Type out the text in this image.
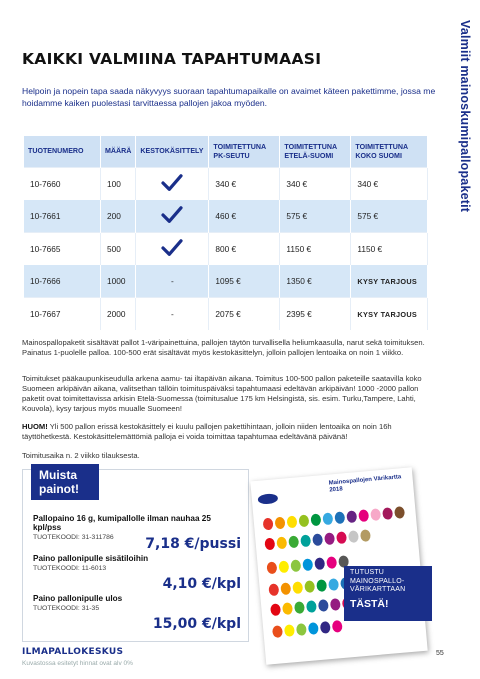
Valmiit mainoskumipallopaketit
KAIKKI VALMIINA TAPAHTUMAASI

Helpoin ja nopein tapa saada näkyvyys suoraan tapahtumapaikalle on avaimet käteen pakettimme, jossa me hoidamme kaiken puolestasi tarvittaessa pallojen jakoa myöden.

TUOTENUMERO	MÄÄRÄ	KESTOKÄSITTELY	TOIMITETTUNA PK-SEUTU	TOIMITETTUNA ETELÄ-SUOMI	TOIMITETTUNA KOKO SUOMI
10-7660	100		340 €	340 €	340 €
10-7661	200		460 €	575 €	575 €
10-7665	500		800 €	1150 €	1150 €
10-7666	1000	-	1095 €	1350 €	KYSY TARJOUS
10-7667	2000	-	2075 €	2395 €	KYSY TARJOUS

Mainospallopaketit sisältävät pallot 1-väripainettuina, pallojen täytön turvallisella heliumkaasulla, narut sekä toimituksen. Painatus 1-puolelle palloa. 100-500 erät sisältävät myös kestokäsittelyn, jolloin pallojen lentoaika on noin 1 viikko.

Toimitukset pääkaupunkiseudulla arkena aamu- tai iltapäivän aikana. Toimitus 100-500 pallon paketeille saatavilla koko Suomeen arkipäivän aikana, valitsethan tällöin toimituspäiväksi tapahtumaasi edeltävän arkipäivän! 1000 -2000 pallon paketit ovat toimitettavissa arkisin Etelä-Suomessa (toimitusalue 175 km Helsingistä, sis. esim. Turku,Tampere, Lahti, Kouvola), kysy tarjous myös muualle Suomeen!

HUOM! Yli 500 pallon erissä kestokäsittely ei kuulu pallojen pakettihintaan, jolloin niiden lentoaika on noin 16h täyttöhetkestä. Kestokäsittelemättömiä palloja ei voida toimittaa tapahtumaa edeltävänä päivänä!

Toimitusaika n. 2 viikko tilauksesta.

Muista painot!
Pallopaino 16 g, kumipallolle ilman nauhaa 25 kpl/pss
TUOTEKOODI: 31-311786	7,18 €/pussi
Paino pallonipulle sisätiloihin
TUOTEKOODI: 11-6013
4,10 €/kpl
Paino pallonipulle ulos
TUOTEKOODI: 31-35
15,00 €/kpl
Mainospallojen Värikartta 2018
TUTUSTU MAINOSPALLO-VÄRIKARTTAAN
TÄSTÄ!
ILMAPALLOKESKUS
Kuvastossa esitetyt hinnat ovat alv 0%
55
